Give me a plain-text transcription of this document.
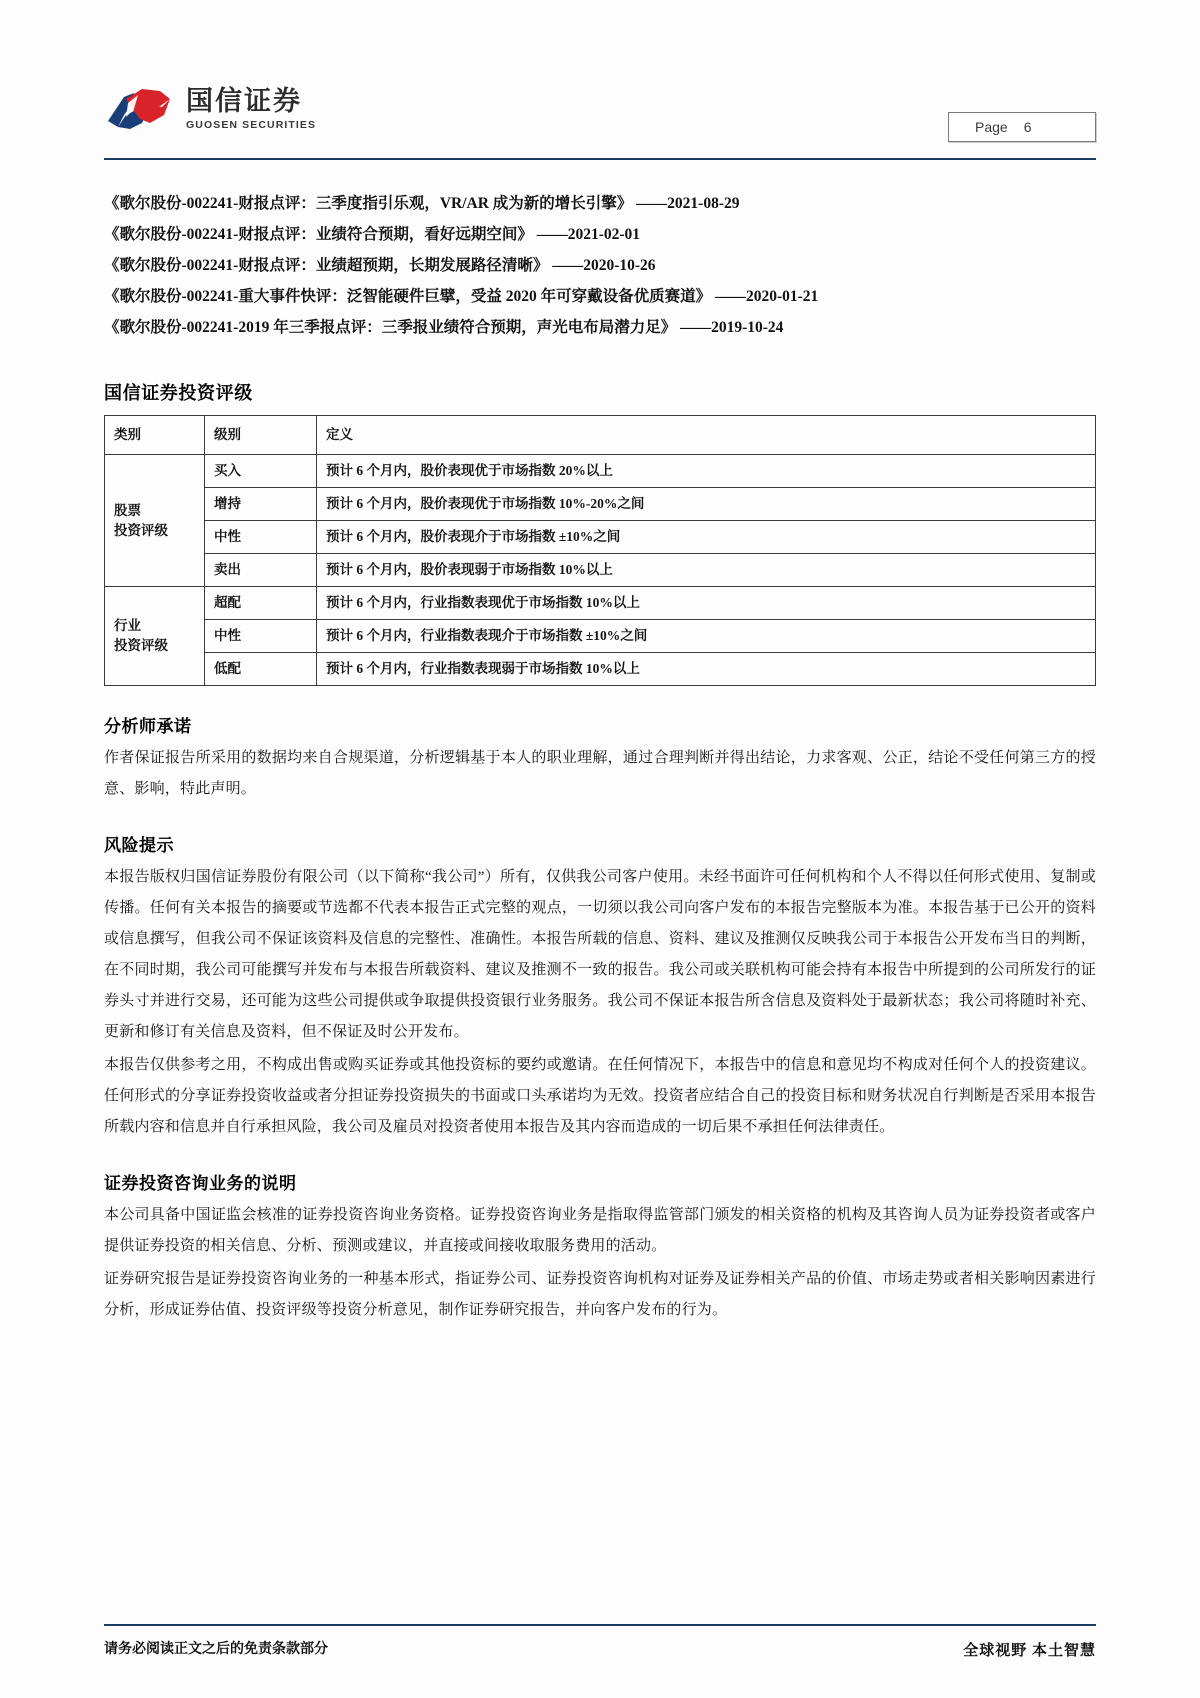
国信证券
GUOSEN SECURITIES	Page 6
《歌尔股份-002241-财报点评：三季度指引乐观，VR/AR 成为新的增长引擎》 ——2021-08-29
《歌尔股份-002241-财报点评：业绩符合预期，看好远期空间》 ——2021-02-01
《歌尔股份-002241-财报点评：业绩超预期，长期发展路径清晰》 ——2020-10-26
《歌尔股份-002241-重大事件快评：泛智能硬件巨擘，受益 2020 年可穿戴设备优质赛道》 ——2020-01-21
《歌尔股份-002241-2019 年三季报点评：三季报业绩符合预期，声光电布局潜力足》 ——2019-10-24
国信证券投资评级
类别	级别	定义

股票
投资评级	买入	预计 6 个月内，股价表现优于市场指数 20%以上
	增持	预计 6 个月内，股价表现优于市场指数 10%-20%之间
	中性	预计 6 个月内，股价表现介于市场指数 ±10%之间
	卖出	预计 6 个月内，股价表现弱于市场指数 10%以上

行业
投资评级	超配	预计 6 个月内，行业指数表现优于市场指数 10%以上
	中性	预计 6 个月内，行业指数表现介于市场指数 ±10%之间
	低配	预计 6 个月内，行业指数表现弱于市场指数 10%以上
分析师承诺

作者保证报告所采用的数据均来自合规渠道，分析逻辑基于本人的职业理解，通过合理判断并得出结论，力求客观、公正，结论不受任何第三方的授意、影响，特此声明。

风险提示

本报告版权归国信证券股份有限公司（以下简称“我公司”）所有，仅供我公司客户使用。未经书面许可任何机构和个人不得以任何形式使用、复制或传播。任何有关本报告的摘要或节选都不代表本报告正式完整的观点，一切须以我公司向客户发布的本报告完整版本为准。本报告基于已公开的资料或信息撰写，但我公司不保证该资料及信息的完整性、准确性。本报告所载的信息、资料、建议及推测仅反映我公司于本报告公开发布当日的判断，在不同时期，我公司可能撰写并发布与本报告所载资料、建议及推测不一致的报告。我公司或关联机构可能会持有本报告中所提到的公司所发行的证券头寸并进行交易，还可能为这些公司提供或争取提供投资银行业务服务。我公司不保证本报告所含信息及资料处于最新状态；我公司将随时补充、更新和修订有关信息及资料，但不保证及时公开发布。

本报告仅供参考之用，不构成出售或购买证券或其他投资标的要约或邀请。在任何情况下，本报告中的信息和意见均不构成对任何个人的投资建议。任何形式的分享证券投资收益或者分担证券投资损失的书面或口头承诺均为无效。投资者应结合自己的投资目标和财务状况自行判断是否采用本报告所载内容和信息并自行承担风险，我公司及雇员对投资者使用本报告及其内容而造成的一切后果不承担任何法律责任。

证券投资咨询业务的说明

本公司具备中国证监会核准的证券投资咨询业务资格。证券投资咨询业务是指取得监管部门颁发的相关资格的机构及其咨询人员为证券投资者或客户提供证券投资的相关信息、分析、预测或建议，并直接或间接收取服务费用的活动。

证券研究报告是证券投资咨询业务的一种基本形式，指证券公司、证券投资咨询机构对证券及证券相关产品的价值、市场走势或者相关影响因素进行分析，形成证券估值、投资评级等投资分析意见，制作证券研究报告，并向客户发布的行为。

请务必阅读正文之后的免责条款部分	全球视野 本土智慧
